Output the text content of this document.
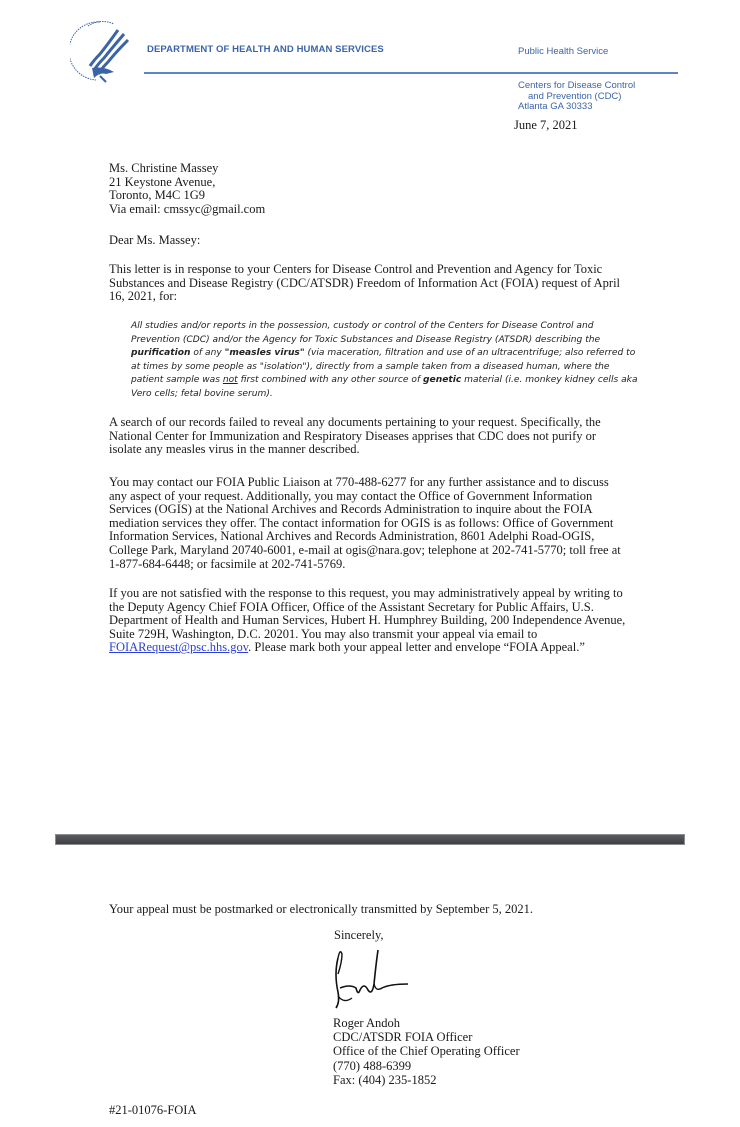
DEPARTMENT OF HEALTH AND HUMAN SERVICES	Public Health Service
Centers for Disease Control
and Prevention (CDC)
Atlanta GA 30333
June 7, 2021
Ms. Christine Massey
21 Keystone Avenue,
Toronto, M4C 1G9
Via email: cmssyc@gmail.com
Dear Ms. Massey:
This letter is in response to your Centers for Disease Control and Prevention and Agency for Toxic Substances and Disease Registry (CDC/ATSDR) Freedom of Information Act (FOIA) request of April 16, 2021, for:
All studies and/or reports in the possession, custody or control of the Centers for Disease Control and Prevention (CDC) and/or the Agency for Toxic Substances and Disease Registry (ATSDR) describing the purification of any "measles virus" (via maceration, filtration and use of an ultracentrifuge; also referred to at times by some people as "isolation"), directly from a sample taken from a diseased human, where the patient sample was not first combined with any other source of genetic material (i.e. monkey kidney cells aka Vero cells; fetal bovine serum).
A search of our records failed to reveal any documents pertaining to your request. Specifically, the National Center for Immunization and Respiratory Diseases apprises that CDC does not purify or isolate any measles virus in the manner described.
You may contact our FOIA Public Liaison at 770-488-6277 for any further assistance and to discuss any aspect of your request. Additionally, you may contact the Office of Government Information Services (OGIS) at the National Archives and Records Administration to inquire about the FOIA mediation services they offer. The contact information for OGIS is as follows: Office of Government Information Services, National Archives and Records Administration, 8601 Adelphi Road-OGIS, College Park, Maryland 20740-6001, e-mail at ogis@nara.gov; telephone at 202-741-5770; toll free at 1-877-684-6448; or facsimile at 202-741-5769.
If you are not satisfied with the response to this request, you may administratively appeal by writing to the Deputy Agency Chief FOIA Officer, Office of the Assistant Secretary for Public Affairs, U.S. Department of Health and Human Services, Hubert H. Humphrey Building, 200 Independence Avenue, Suite 729H, Washington, D.C. 20201. You may also transmit your appeal via email to FOIARequest@psc.hhs.gov. Please mark both your appeal letter and envelope “FOIA Appeal.”
Your appeal must be postmarked or electronically transmitted by September 5, 2021.
Sincerely,
Roger Andoh
CDC/ATSDR FOIA Officer
Office of the Chief Operating Officer
(770) 488-6399
Fax: (404) 235-1852
#21-01076-FOIA
